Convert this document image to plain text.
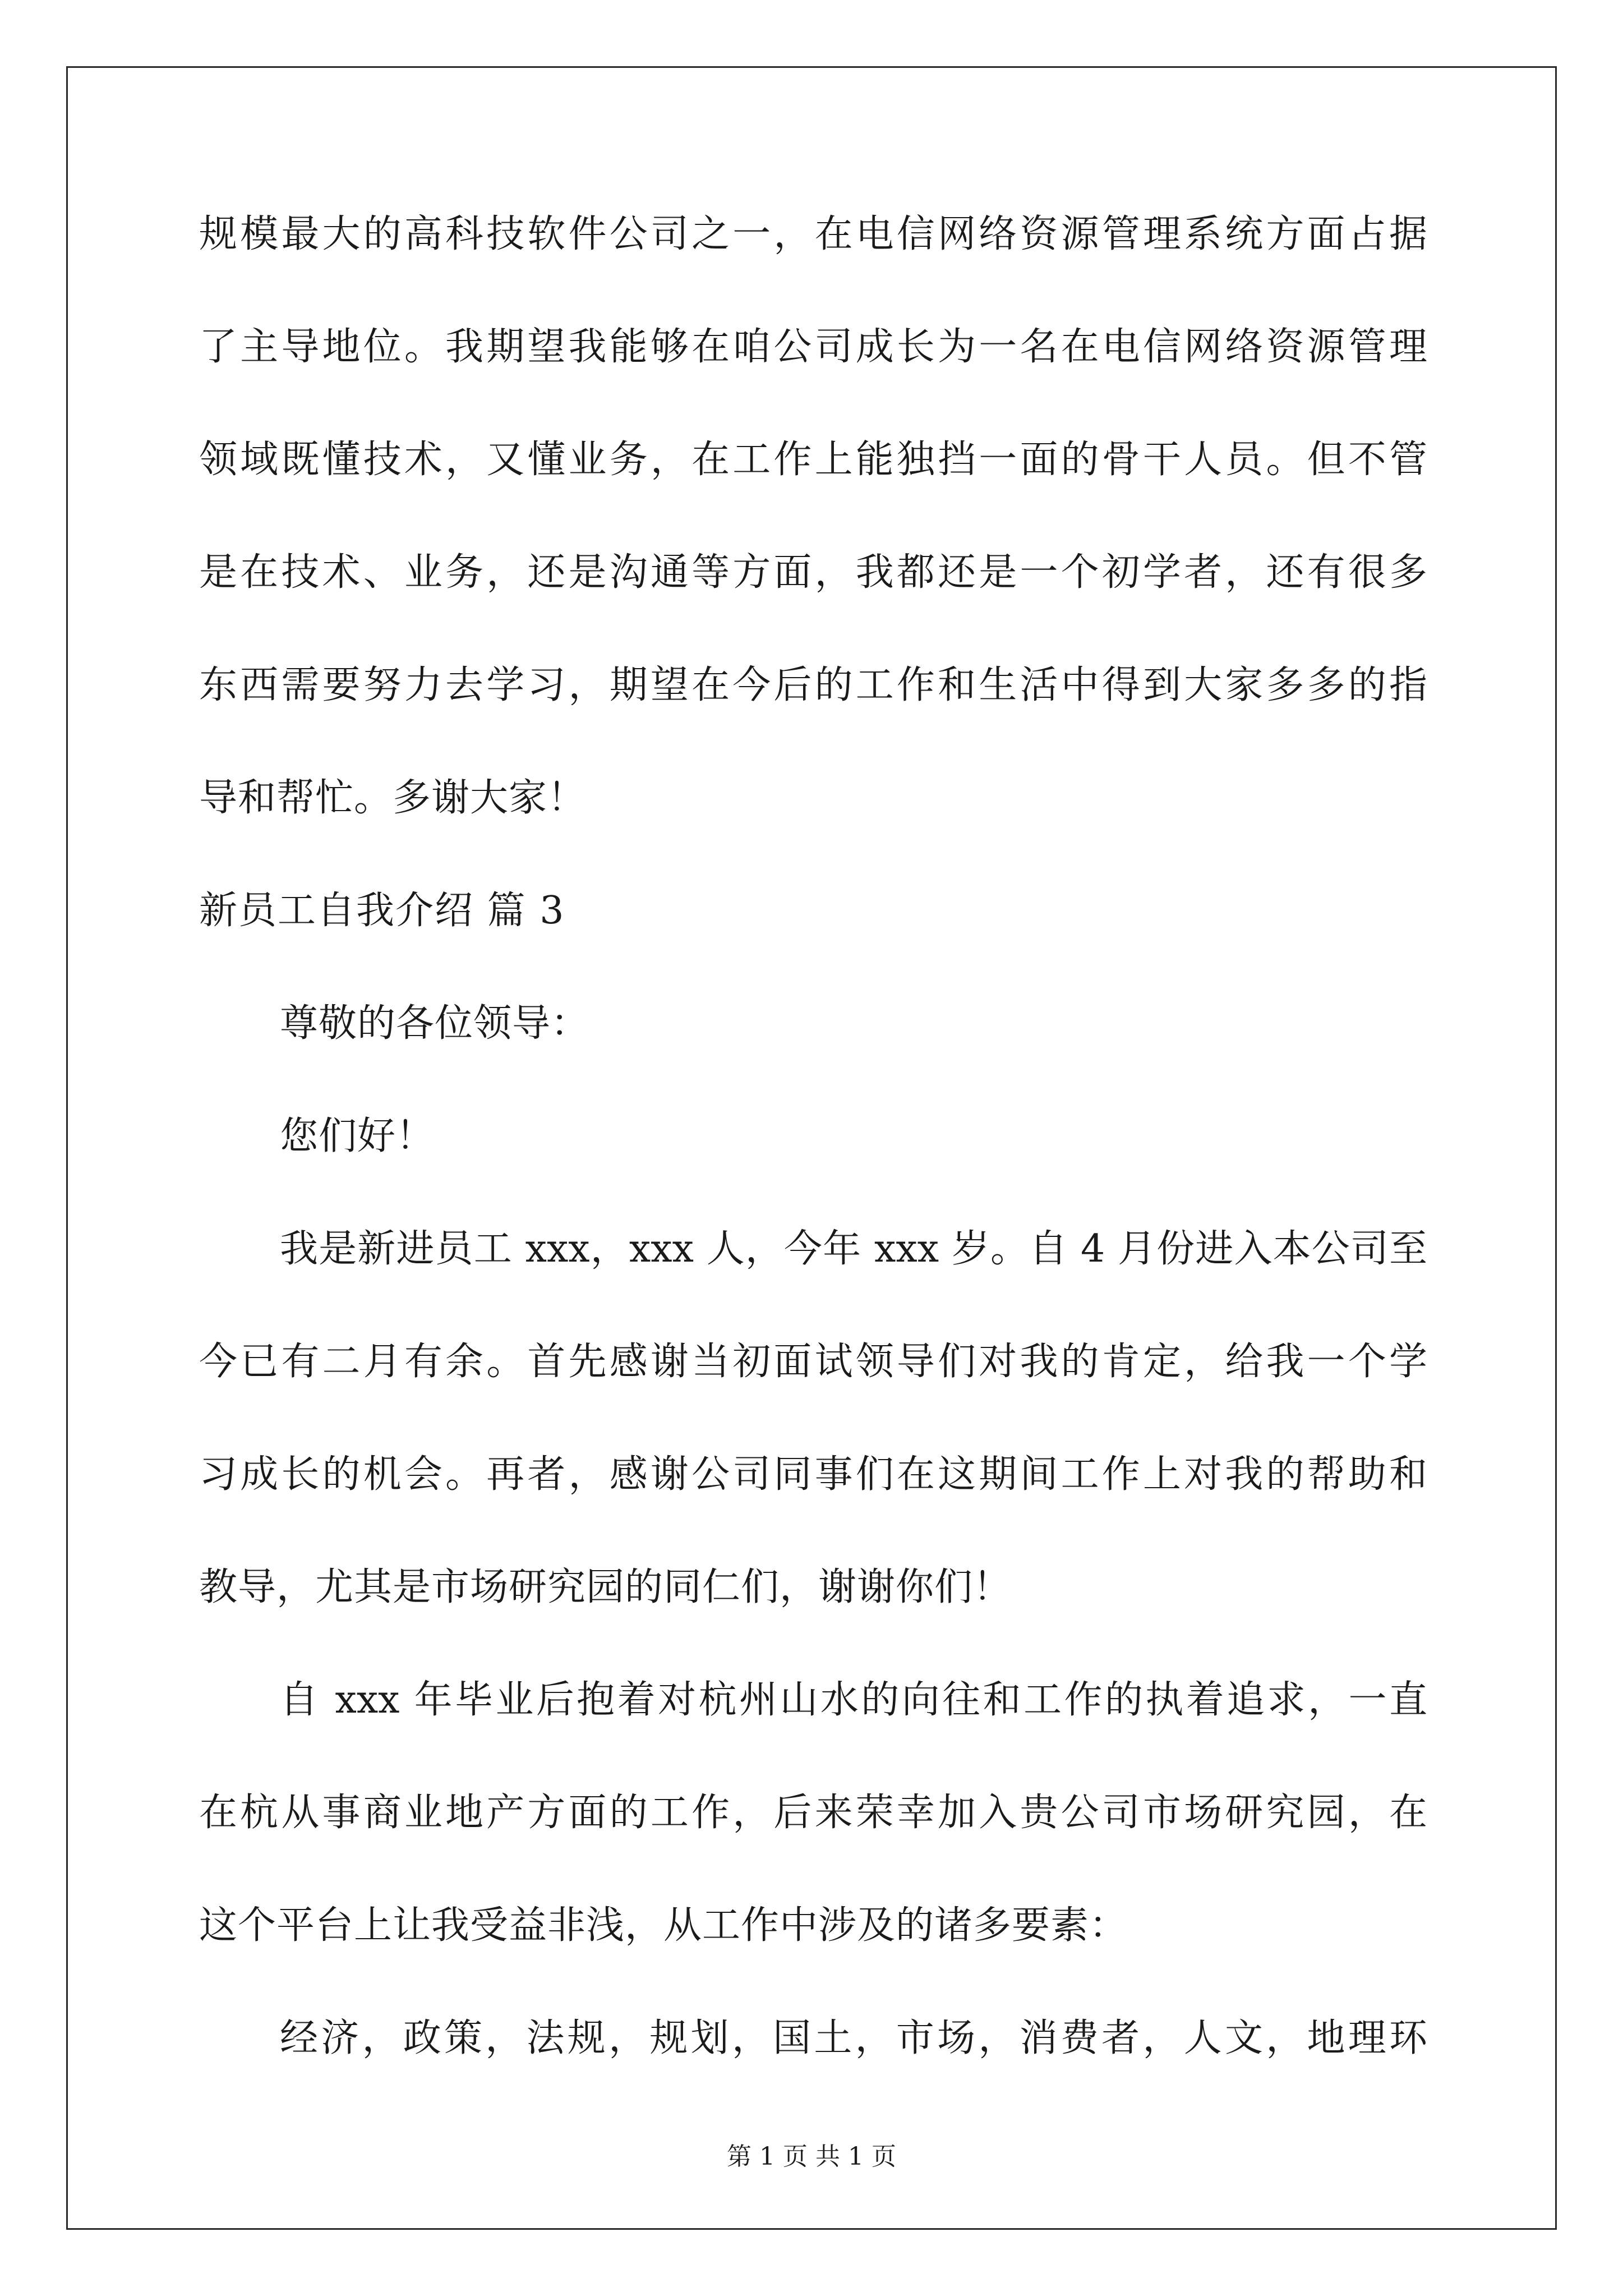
规模最大的高科技软件公司之一，在电信网络资源管理系统方面占据
了主导地位。我期望我能够在咱公司成长为一名在电信网络资源管理
领域既懂技术，又懂业务，在工作上能独挡一面的骨干人员。但不管
是在技术、业务，还是沟通等方面，我都还是一个初学者，还有很多
东西需要努力去学习，期望在今后的工作和生活中得到大家多多的指
导和帮忙。多谢大家！
新员工自我介绍 篇 3
尊敬的各位领导：
您们好！
我是新进员工 xxx，xxx 人，今年 xxx 岁。自 4 月份进入本公司至
今已有二月有余。首先感谢当初面试领导们对我的肯定，给我一个学
习成长的机会。再者，感谢公司同事们在这期间工作上对我的帮助和
教导，尤其是市场研究园的同仁们，谢谢你们！
自 xxx 年毕业后抱着对杭州山水的向往和工作的执着追求，一直
在杭从事商业地产方面的工作，后来荣幸加入贵公司市场研究园，在
这个平台上让我受益非浅，从工作中涉及的诸多要素：
经济，政策，法规，规划，国土，市场，消费者，人文，地理环
第 1 页 共 1 页
